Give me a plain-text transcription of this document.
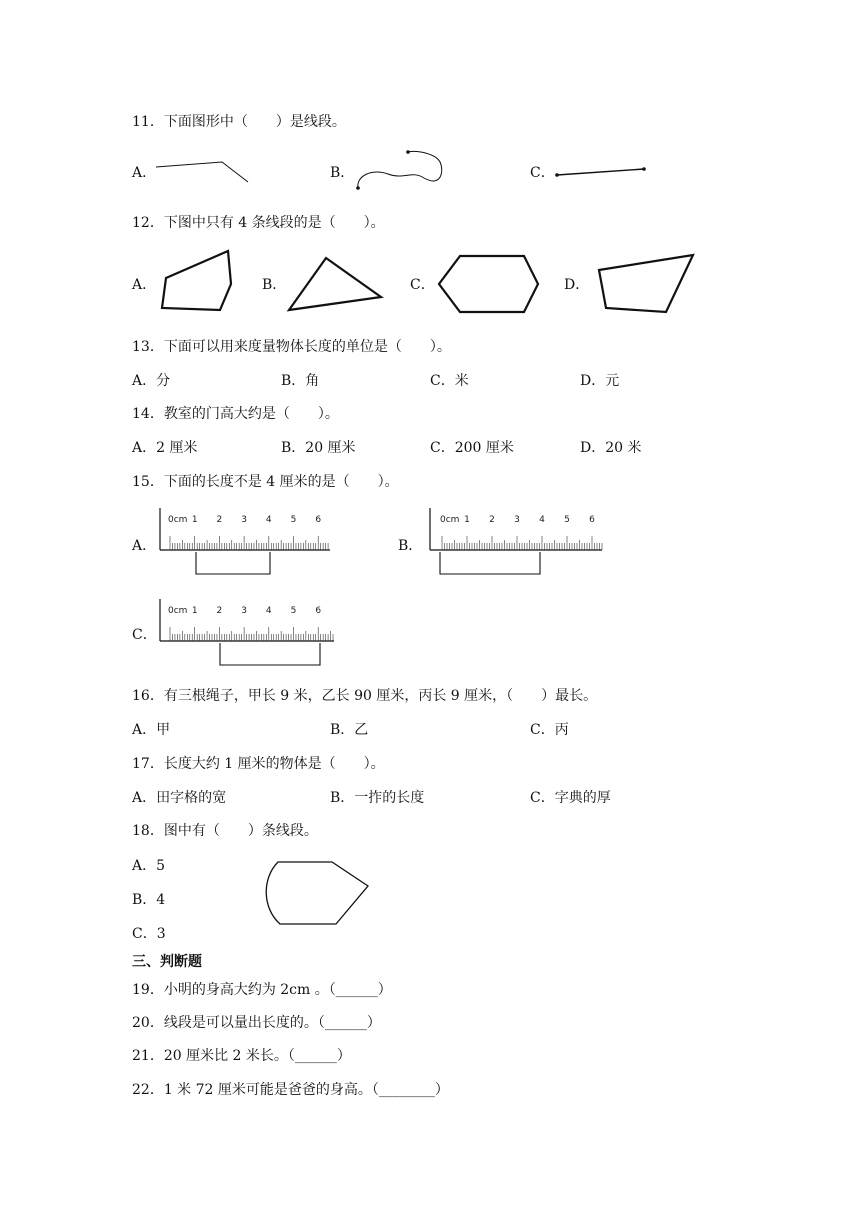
11．下面图形中（　　）是线段。
A．	B．	C．
12．下图中只有 4 条线段的是（　　）。
A．	B．	C．	D．
13．下面可以用来度量物体长度的单位是（　　）。
A．分	B．角	C．米	D．元
14．教室的门高大约是（　　）。
A．2 厘米	B．20 厘米	C．200 厘米	D．20 米
15．下面的长度不是 4 厘米的是（　　）。
A．
0cm 1 2 3 4 5 6
B．
0cm 1 2 3 4 5 6
C．
0cm 1 2 3 4 5 6
16．有三根绳子，甲长 9 米，乙长 90 厘米，丙长 9 厘米，（　　）最长。
A．甲	B．乙	C．丙
17．长度大约 1 厘米的物体是（　　）。
A．田字格的宽	B．一拃的长度	C．字典的厚
18．图中有（　　）条线段。
A．5
B．4
C．3
三、判断题
19．小明的身高大约为 2cm 。（______）
20．线段是可以量出长度的。（______）
21．20 厘米比 2 米长。（______）
22．1 米 72 厘米可能是爸爸的身高。（________）
